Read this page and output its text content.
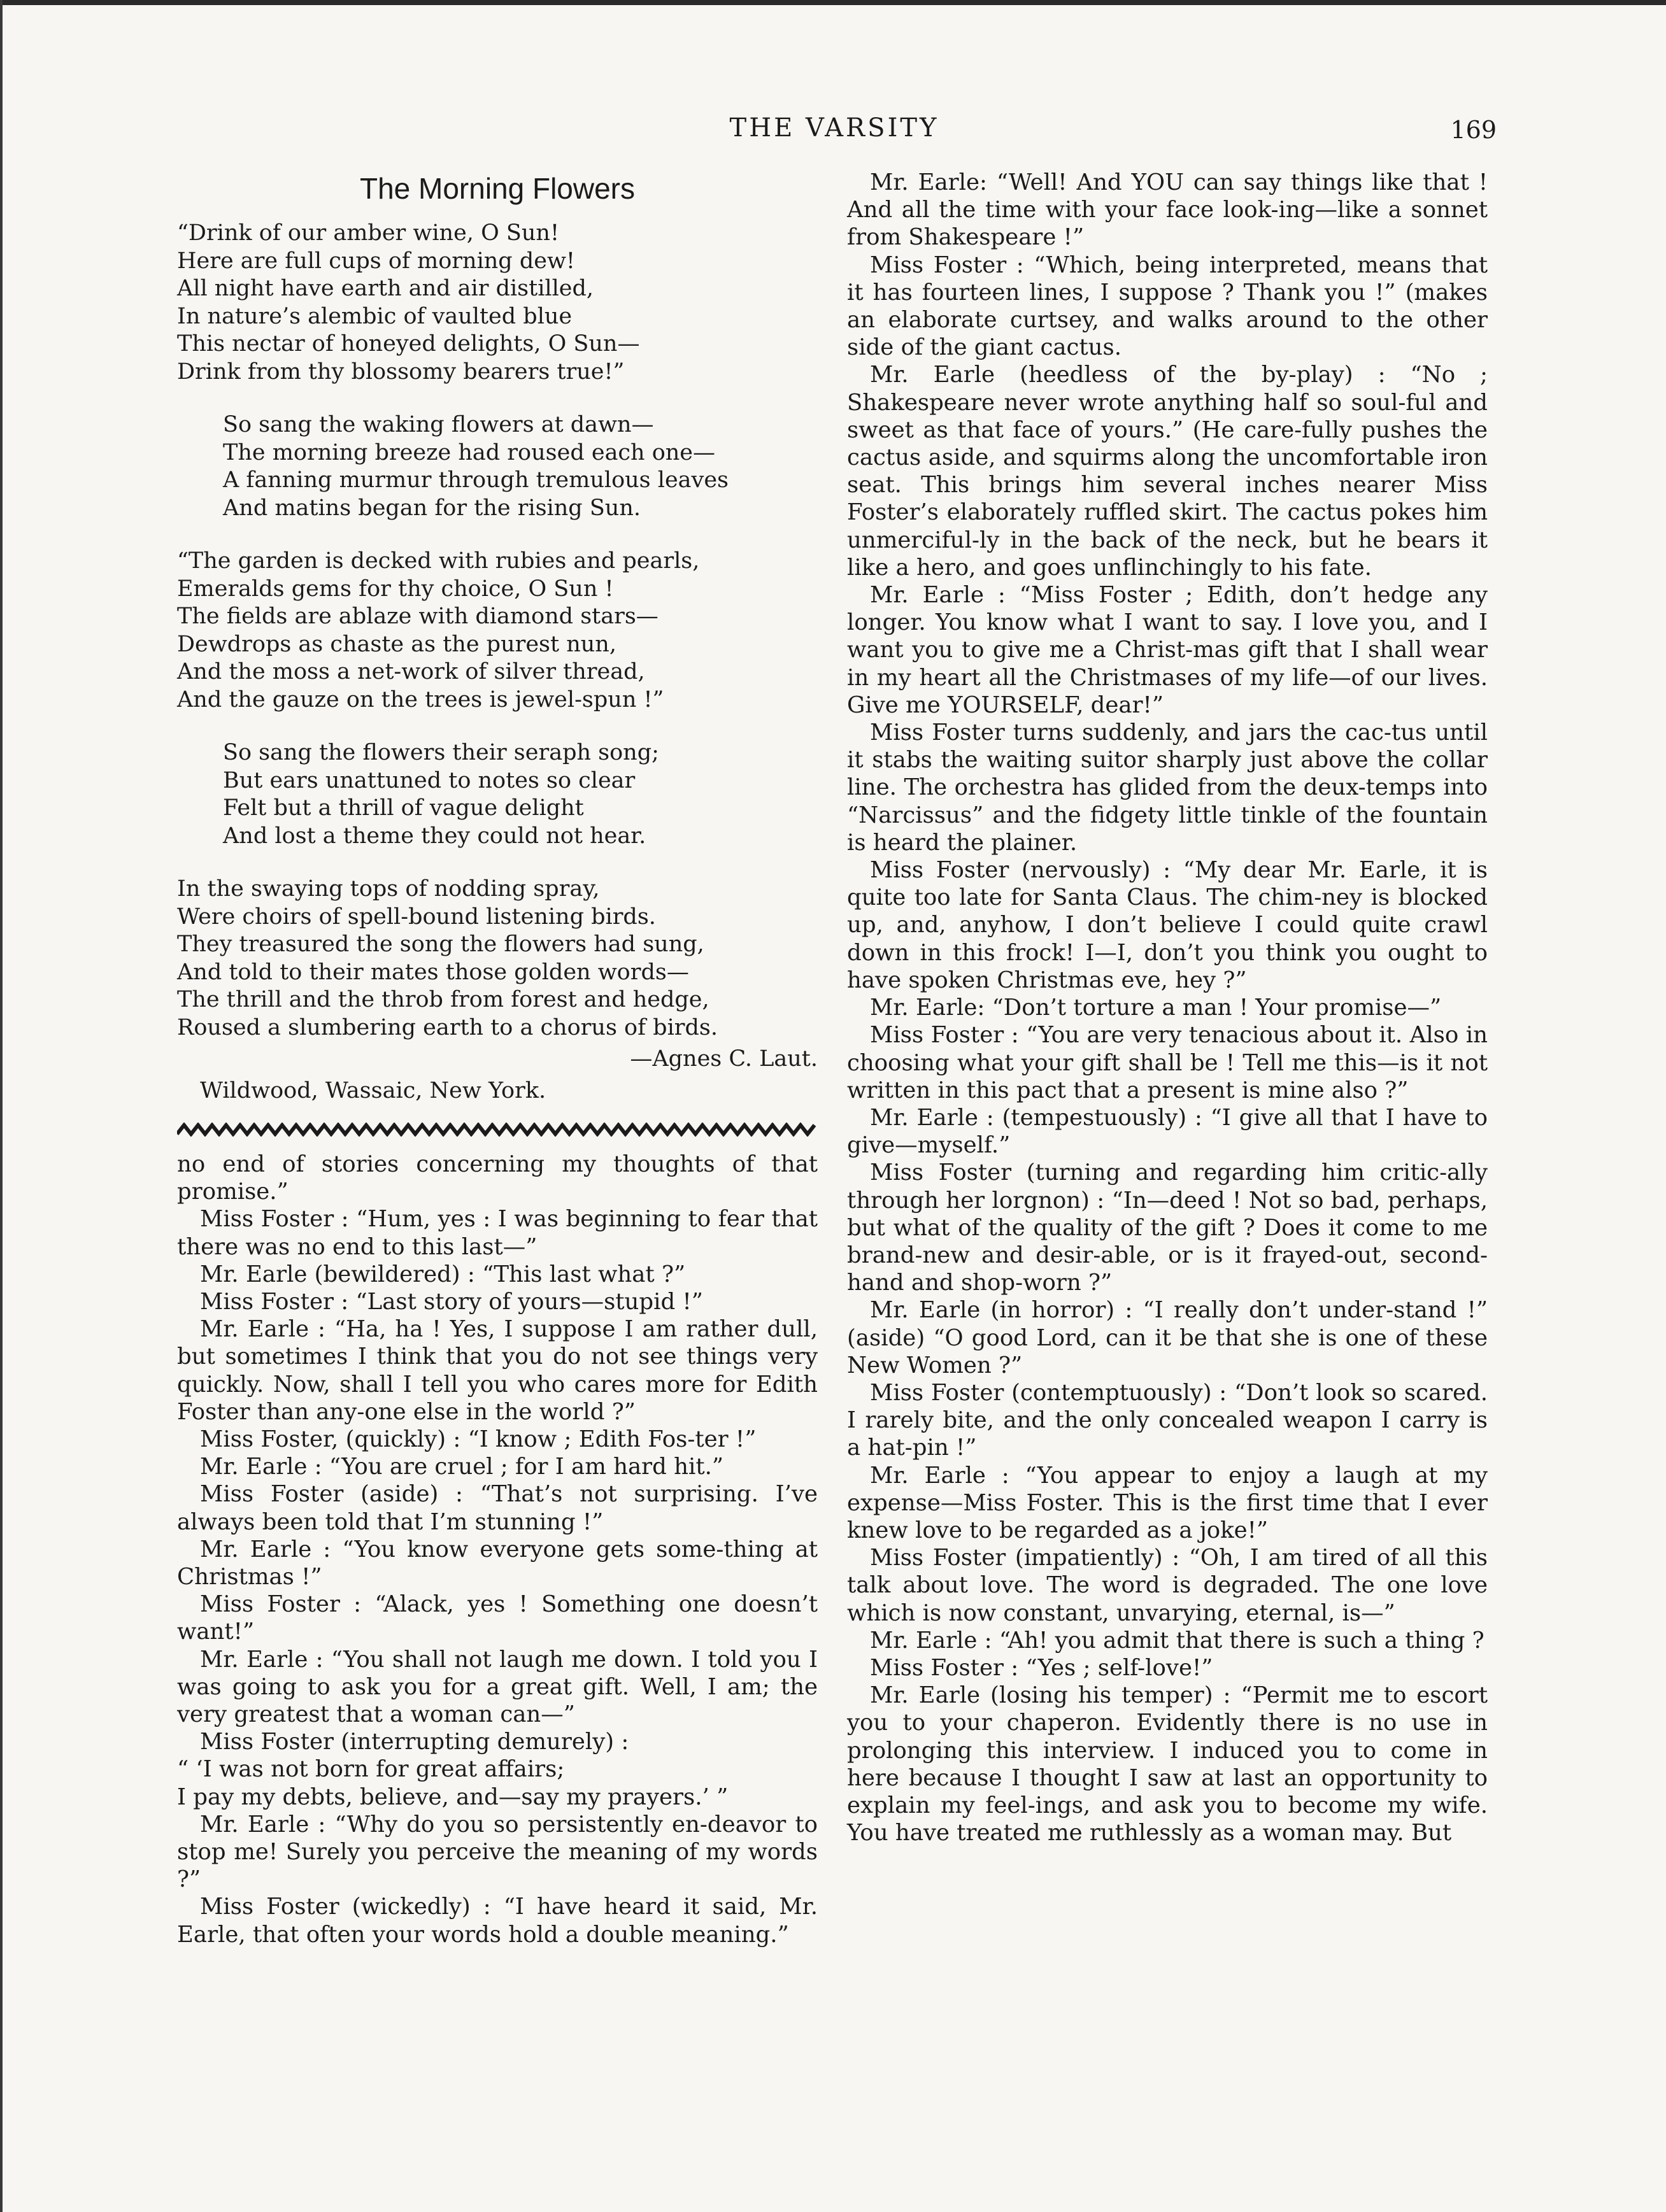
THE VARSITY	169
The Morning Flowers
“Drink of our amber wine, O Sun!
Here are full cups of morning dew!
All night have earth and air distilled,
In nature’s alembic of vaulted blue
This nectar of honeyed delights, O Sun—
Drink from thy blossomy bearers true!”
So sang the waking flowers at dawn—
The morning breeze had roused each one—
A fanning murmur through tremulous leaves
And matins began for the rising Sun.
“The garden is decked with rubies and pearls,
Emeralds gems for thy choice, O Sun !
The fields are ablaze with diamond stars—
Dewdrops as chaste as the purest nun,
And the moss a net-work of silver thread,
And the gauze on the trees is jewel-spun !”
So sang the flowers their seraph song;
But ears unattuned to notes so clear
Felt but a thrill of vague delight
And lost a theme they could not hear.
In the swaying tops of nodding spray,
Were choirs of spell-bound listening birds.
They treasured the song the flowers had sung,
And told to their mates those golden words—
The thrill and the throb from forest and hedge,
Roused a slumbering earth to a chorus of birds.
—Agnes C. Laut.
Wildwood, Wassaic, New York.

no end of stories concerning my thoughts of that promise.”

Miss Foster : “Hum, yes : I was beginning to fear that there was no end to this last—”

Mr. Earle (bewildered) : “This last what ?”

Miss Foster : “Last story of yours—stupid !”

Mr. Earle : “Ha, ha ! Yes, I suppose I am rather dull, but sometimes I think that you do not see things very quickly. Now, shall I tell you who cares more for Edith Foster than any-one else in the world ?”

Miss Foster, (quickly) : “I know ; Edith Fos-ter !”

Mr. Earle : “You are cruel ; for I am hard hit.”

Miss Foster (aside) : “That’s not surprising. I’ve always been told that I’m stunning !”

Mr. Earle : “You know everyone gets some-thing at Christmas !”

Miss Foster : “Alack, yes ! Something one doesn’t want!”

Mr. Earle : “You shall not laugh me down. I told you I was going to ask you for a great gift. Well, I am; the very greatest that a woman can—”

Miss Foster (interrupting demurely) :

“ ‘I was not born for great affairs;
I pay my debts, believe, and—say my prayers.’ ”

Mr. Earle : “Why do you so persistently en-deavor to stop me! Surely you perceive the meaning of my words ?”

Miss Foster (wickedly) : “I have heard it said, Mr. Earle, that often your words hold a double meaning.”

Mr. Earle: “Well! And YOU can say things like that ! And all the time with your face look-ing—like a sonnet from Shakespeare !”

Miss Foster : “Which, being interpreted, means that it has fourteen lines, I suppose ? Thank you !” (makes an elaborate curtsey, and walks around to the other side of the giant cactus.

Mr. Earle (heedless of the by-play) : “No ; Shakespeare never wrote anything half so soul-ful and sweet as that face of yours.” (He care-fully pushes the cactus aside, and squirms along the uncomfortable iron seat. This brings him several inches nearer Miss Foster’s elaborately ruffled skirt. The cactus pokes him unmerciful-ly in the back of the neck, but he bears it like a hero, and goes unflinchingly to his fate.

Mr. Earle : “Miss Foster ; Edith, don’t hedge any longer. You know what I want to say. I love you, and I want you to give me a Christ-mas gift that I shall wear in my heart all the Christmases of my life—of our lives. Give me YOURSELF, dear!”

Miss Foster turns suddenly, and jars the cac-tus until it stabs the waiting suitor sharply just above the collar line. The orchestra has glided from the deux-temps into “Narcissus” and the fidgety little tinkle of the fountain is heard the plainer.

Miss Foster (nervously) : “My dear Mr. Earle, it is quite too late for Santa Claus. The chim-ney is blocked up, and, anyhow, I don’t believe I could quite crawl down in this frock! I—I, don’t you think you ought to have spoken Christmas eve, hey ?”

Mr. Earle: “Don’t torture a man ! Your promise—”

Miss Foster : “You are very tenacious about it. Also in choosing what your gift shall be ! Tell me this—is it not written in this pact that a present is mine also ?”

Mr. Earle : (tempestuously) : “I give all that I have to give—myself.”

Miss Foster (turning and regarding him critic-ally through her lorgnon) : “In—deed ! Not so bad, perhaps, but what of the quality of the gift ? Does it come to me brand-new and desir-able, or is it frayed-out, second-hand and shop-worn ?”

Mr. Earle (in horror) : “I really don’t under-stand !” (aside) “O good Lord, can it be that she is one of these New Women ?”

Miss Foster (contemptuously) : “Don’t look so scared. I rarely bite, and the only concealed weapon I carry is a hat-pin !”

Mr. Earle : “You appear to enjoy a laugh at my expense—Miss Foster. This is the first time that I ever knew love to be regarded as a joke!”

Miss Foster (impatiently) : “Oh, I am tired of all this talk about love. The word is degraded. The one love which is now constant, unvarying, eternal, is—”

Mr. Earle : “Ah! you admit that there is such a thing ?

Miss Foster : “Yes ; self-love!”

Mr. Earle (losing his temper) : “Permit me to escort you to your chaperon. Evidently there is no use in prolonging this interview. I induced you to come in here because I thought I saw at last an opportunity to explain my feel-ings, and ask you to become my wife. You have treated me ruthlessly as a woman may. But
